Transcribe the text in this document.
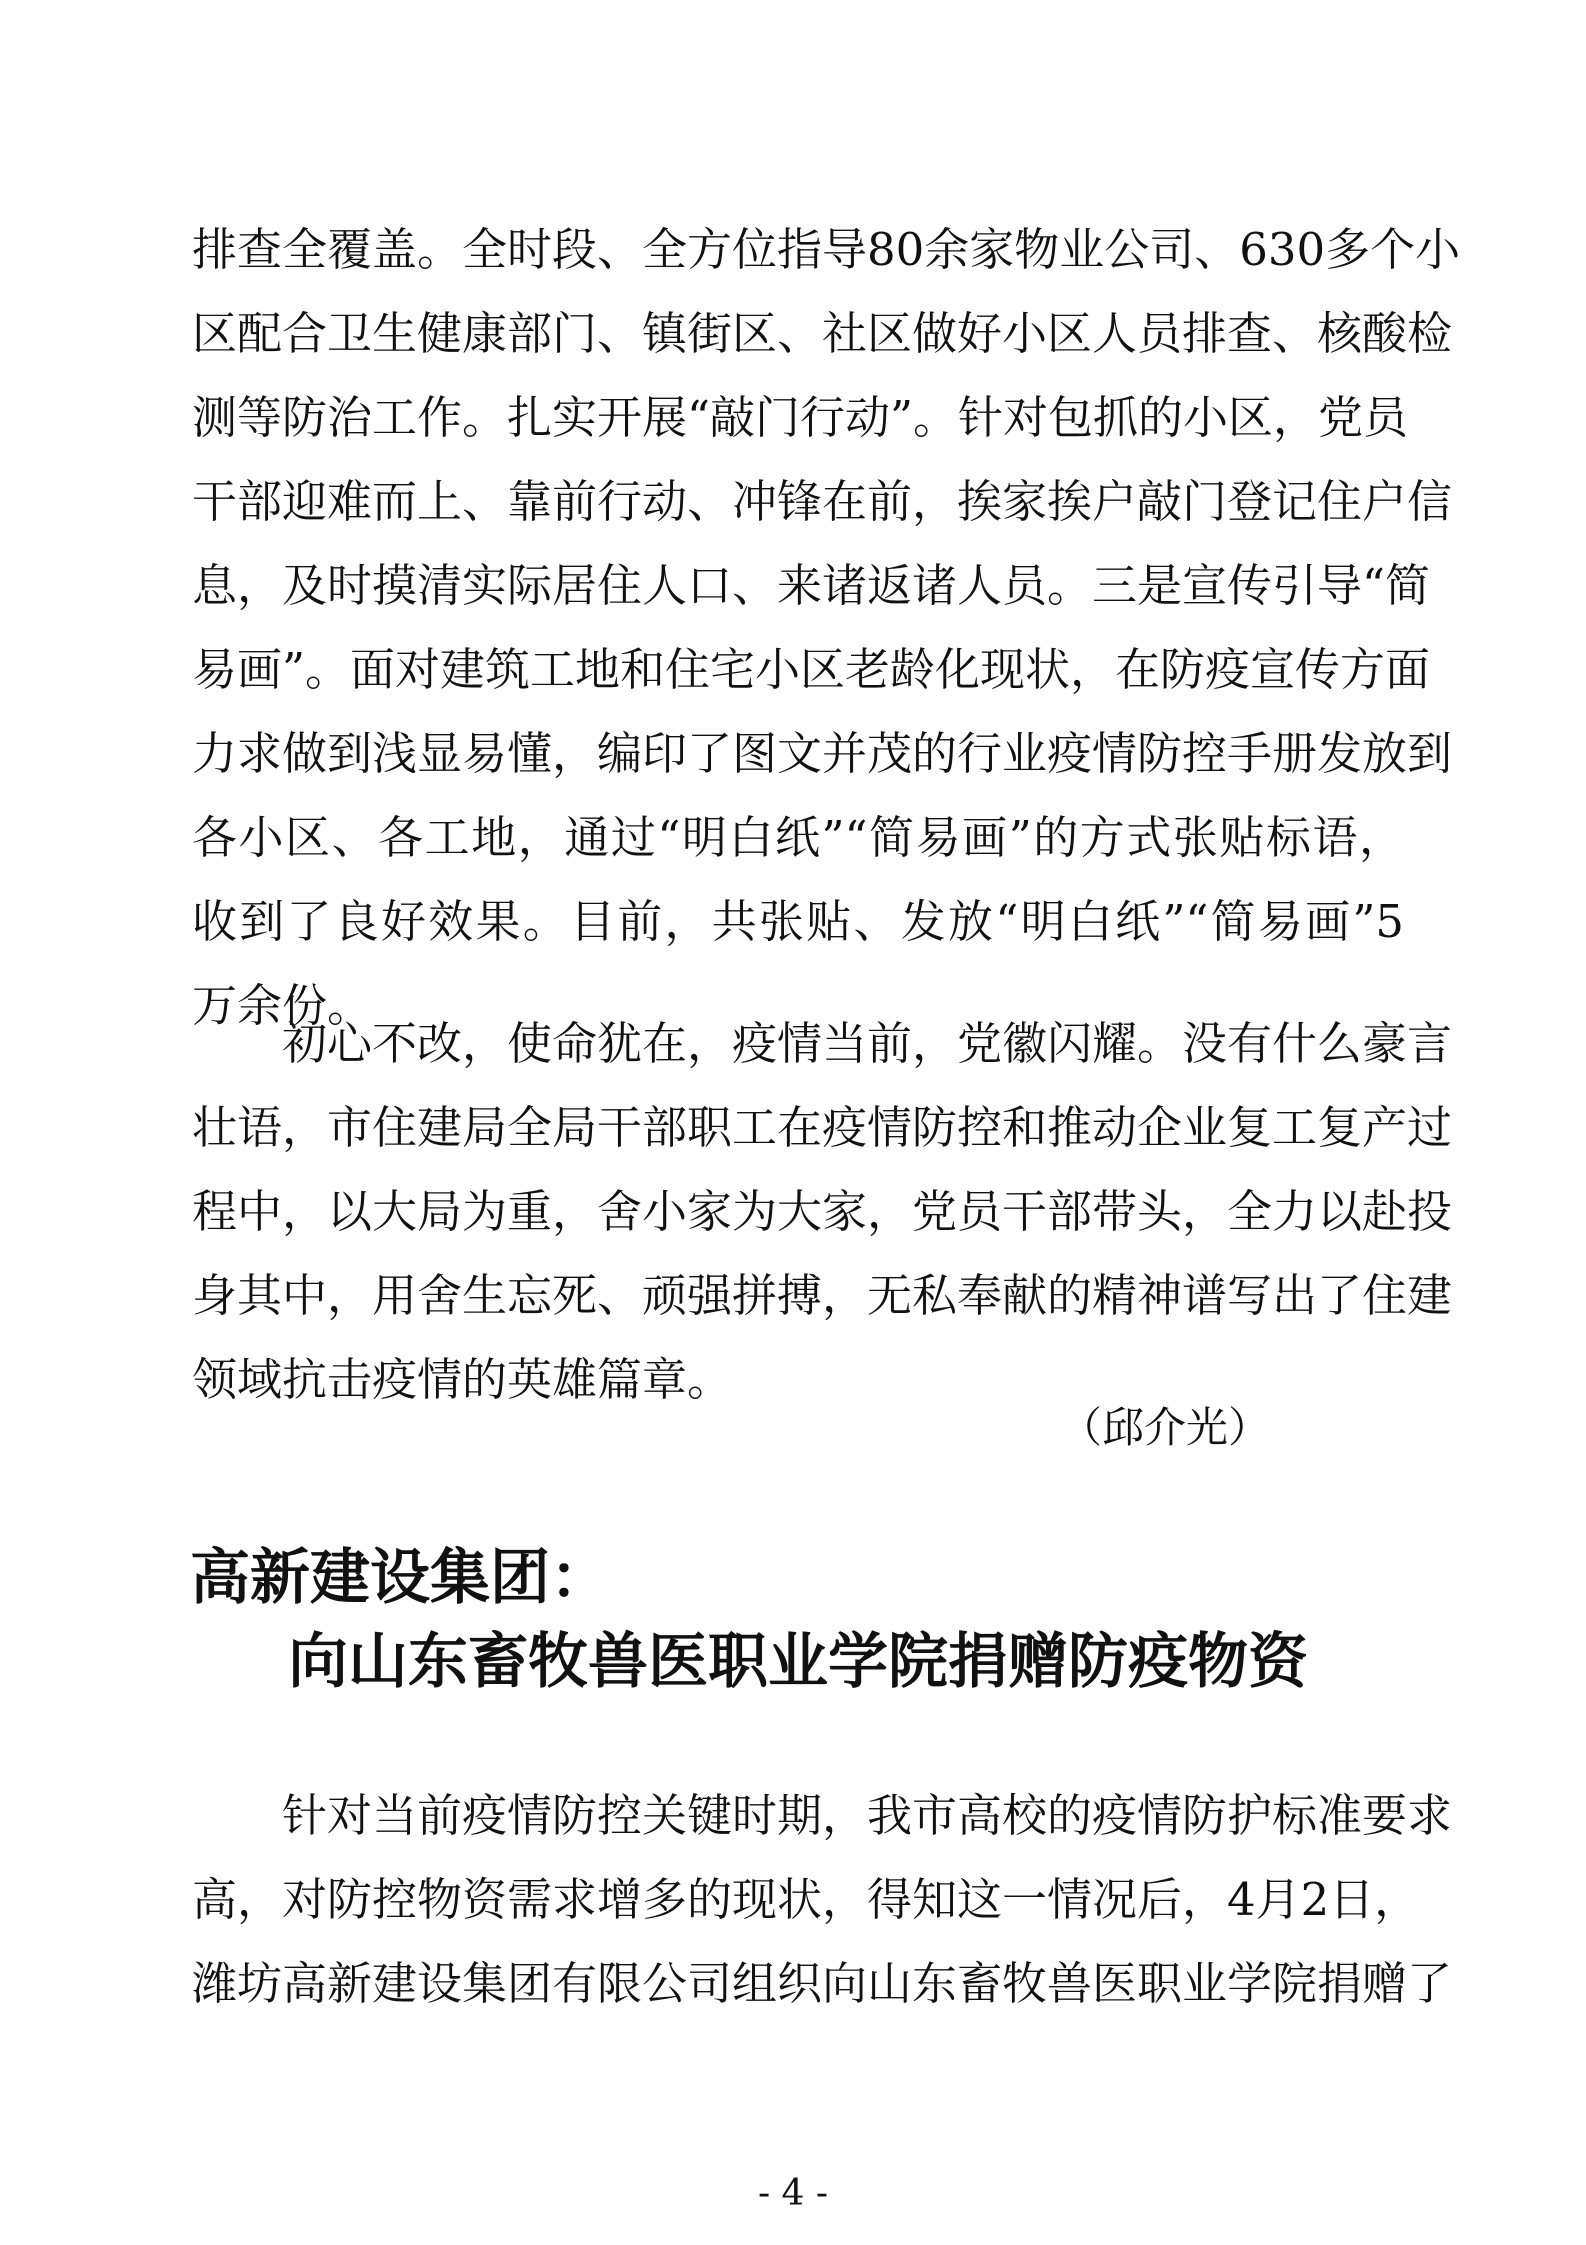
排查全覆盖。全时段、全方位指导80余家物业公司、630多个小
区配合卫生健康部门、镇街区、社区做好小区人员排查、核酸检
测等防治工作。扎实开展“敲门行动”。针对包抓的小区，党员
干部迎难而上、靠前行动、冲锋在前，挨家挨户敲门登记住户信
息，及时摸清实际居住人口、来诸返诸人员。三是宣传引导“简
易画”。面对建筑工地和住宅小区老龄化现状，在防疫宣传方面
力求做到浅显易懂，编印了图文并茂的行业疫情防控手册发放到
各小区、各工地，通过“明白纸”“简易画”的方式张贴标语，
收到了良好效果。目前，共张贴、发放“明白纸”“简易画”5
万余份。
初心不改，使命犹在，疫情当前，党徽闪耀。没有什么豪言
壮语，市住建局全局干部职工在疫情防控和推动企业复工复产过
程中，以大局为重，舍小家为大家，党员干部带头，全力以赴投
身其中，用舍生忘死、顽强拼搏，无私奉献的精神谱写出了住建
领域抗击疫情的英雄篇章。
（邱介光）
高新建设集团：
向山东畜牧兽医职业学院捐赠防疫物资
针对当前疫情防控关键时期，我市高校的疫情防护标准要求
高，对防控物资需求增多的现状，得知这一情况后，4月2日，
潍坊高新建设集团有限公司组织向山东畜牧兽医职业学院捐赠了
- 4 -
